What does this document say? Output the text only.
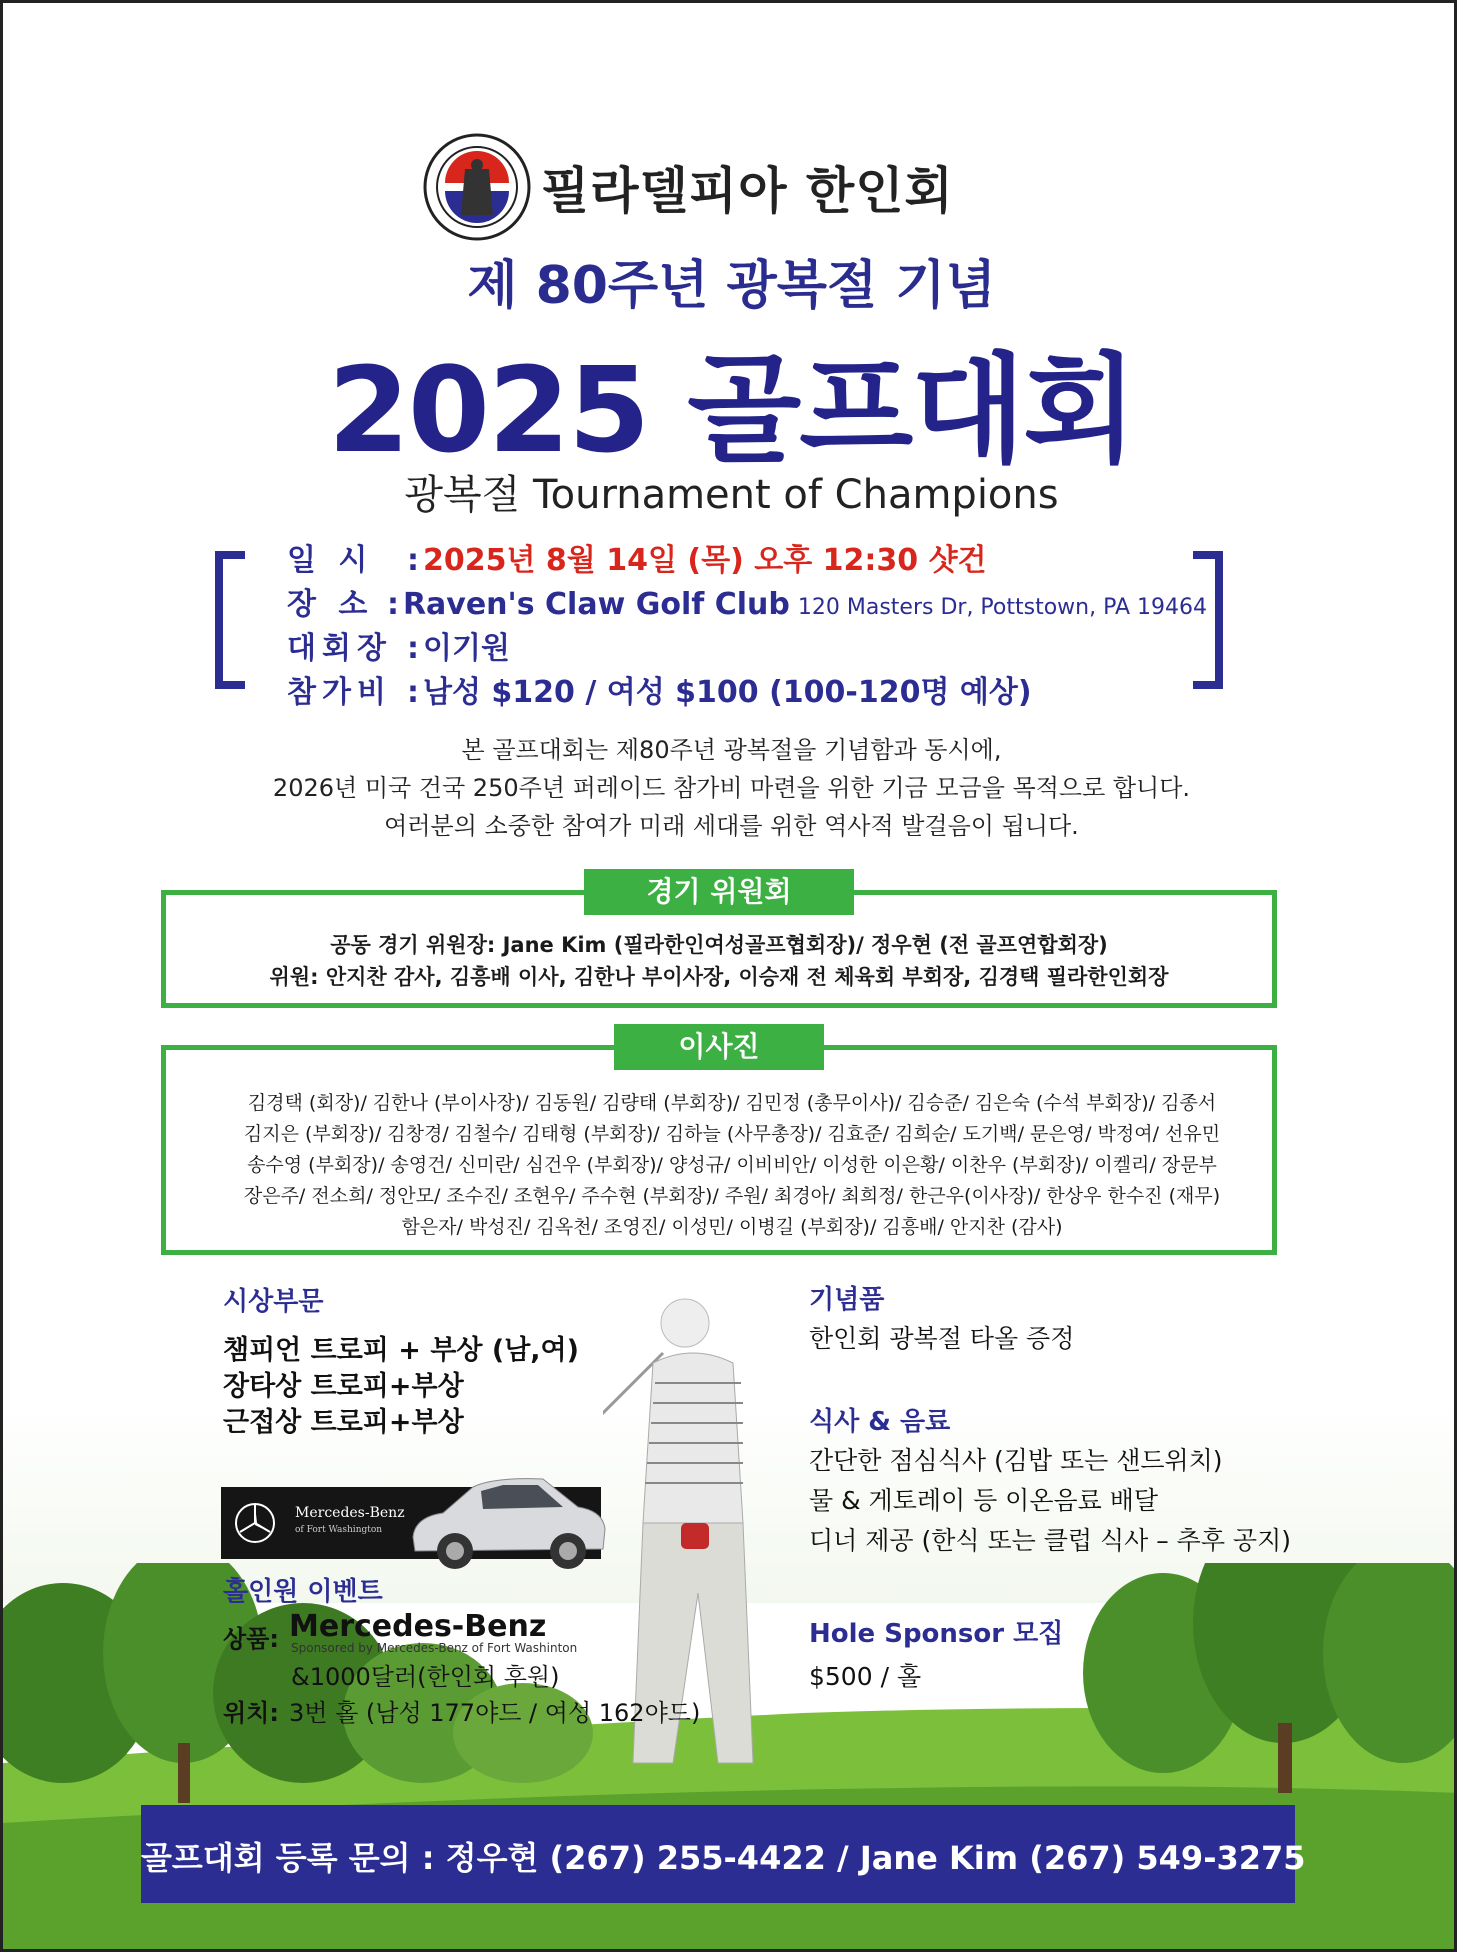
필라델피아 한인회
제 80주년 광복절 기념
2025 골프대회
광복절 Tournament of Champions
일 시	: 2025년 8월 14일 (목) 오후 12:30 샷건
장 소 : Raven's Claw Golf Club 120 Masters Dr, Pottstown, PA 19464
대회장 : 이기원
참가비 : 남성 $120 / 여성 $100 (100-120명 예상)
본 골프대회는 제80주년 광복절을 기념함과 동시에,
2026년 미국 건국 250주년 퍼레이드 참가비 마련을 위한 기금 모금을 목적으로 합니다.
여러분의 소중한 참여가 미래 세대를 위한 역사적 발걸음이 됩니다.
경기 위원회
공동 경기 위원장: Jane Kim (필라한인여성골프협회장)/ 정우현 (전 골프연합회장)
위원: 안지찬 감사, 김흥배 이사, 김한나 부이사장, 이승재 전 체육회 부회장, 김경택 필라한인회장
이사진
김경택 (회장)/ 김한나 (부이사장)/ 김동원/ 김량태 (부회장)/ 김민정 (총무이사)/ 김승준/ 김은숙 (수석 부회장)/ 김종서
김지은 (부회장)/ 김창경/ 김철수/ 김태형 (부회장)/ 김하늘 (사무총장)/ 김효준/ 김희순/ 도기백/ 문은영/ 박정여/ 선유민
송수영 (부회장)/ 송영건/ 신미란/ 심건우 (부회장)/ 양성규/ 이비비안/ 이성한 이은황/ 이찬우 (부회장)/ 이켈리/ 장문부
장은주/ 전소희/ 정안모/ 조수진/ 조현우/ 주수현 (부회장)/ 주원/ 최경아/ 최희정/ 한근우(이사장)/ 한상우 한수진 (재무)
함은자/ 박성진/ 김옥천/ 조영진/ 이성민/ 이병길 (부회장)/ 김흥배/ 안지찬 (감사)
시상부문
챔피언 트로피 + 부상 (남,여)
장타상 트로피+부상
근접상 트로피+부상
Mercedes-Benz
of Fort Washington
홀인원 이벤트
상품: Mercedes-Benz
Sponsored by Mercedes-Benz of Fort Washinton
&1000달러(한인회 후원)
위치: 3번 홀 (남성 177야드 / 여성 162야드)
기념품
한인회 광복절 타올 증정
식사 & 음료
간단한 점심식사 (김밥 또는 샌드위치)
물 & 게토레이 등 이온음료 배달
디너 제공 (한식 또는 클럽 식사 – 추후 공지)
Hole Sponsor 모집
$500 / 홀
골프대회 등록 문의 : 정우현 (267) 255-4422 / Jane Kim (267) 549-3275
